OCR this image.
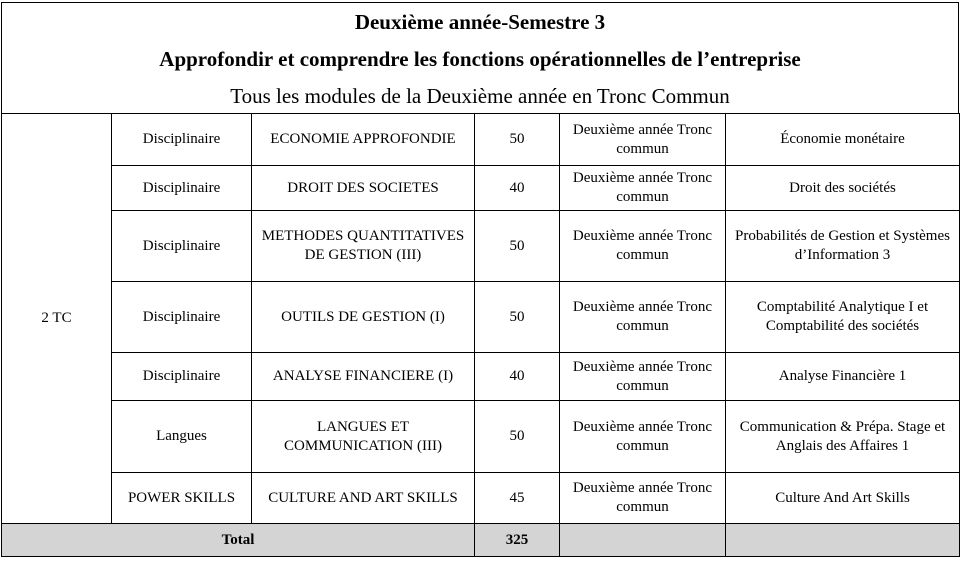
Deuxième année-Semestre 3
Approfondir et comprendre les fonctions opérationnelles de l’entreprise
Tous les modules de la Deuxième année en Tronc Commun
2 TC	Disciplinaire	ECONOMIE APPROFONDIE	50	Deuxième année Tronc commun	Économie monétaire
	Disciplinaire	DROIT DES SOCIETES	40	Deuxième année Tronc commun	Droit des sociétés
	Disciplinaire	METHODES QUANTITATIVES DE GESTION (III)	50	Deuxième année Tronc commun	Probabilités de Gestion et Systèmes d’Information 3
	Disciplinaire	OUTILS DE GESTION (I)	50	Deuxième année Tronc commun	Comptabilité Analytique I et Comptabilité des sociétés
	Disciplinaire	ANALYSE FINANCIERE (I)	40	Deuxième année Tronc commun	Analyse Financière 1
	Langues	LANGUES ET COMMUNICATION (III)	50	Deuxième année Tronc commun	Communication & Prépa. Stage et Anglais des Affaires 1
	POWER SKILLS	CULTURE AND ART SKILLS	45	Deuxième année Tronc commun	Culture And Art Skills
Total			325		
